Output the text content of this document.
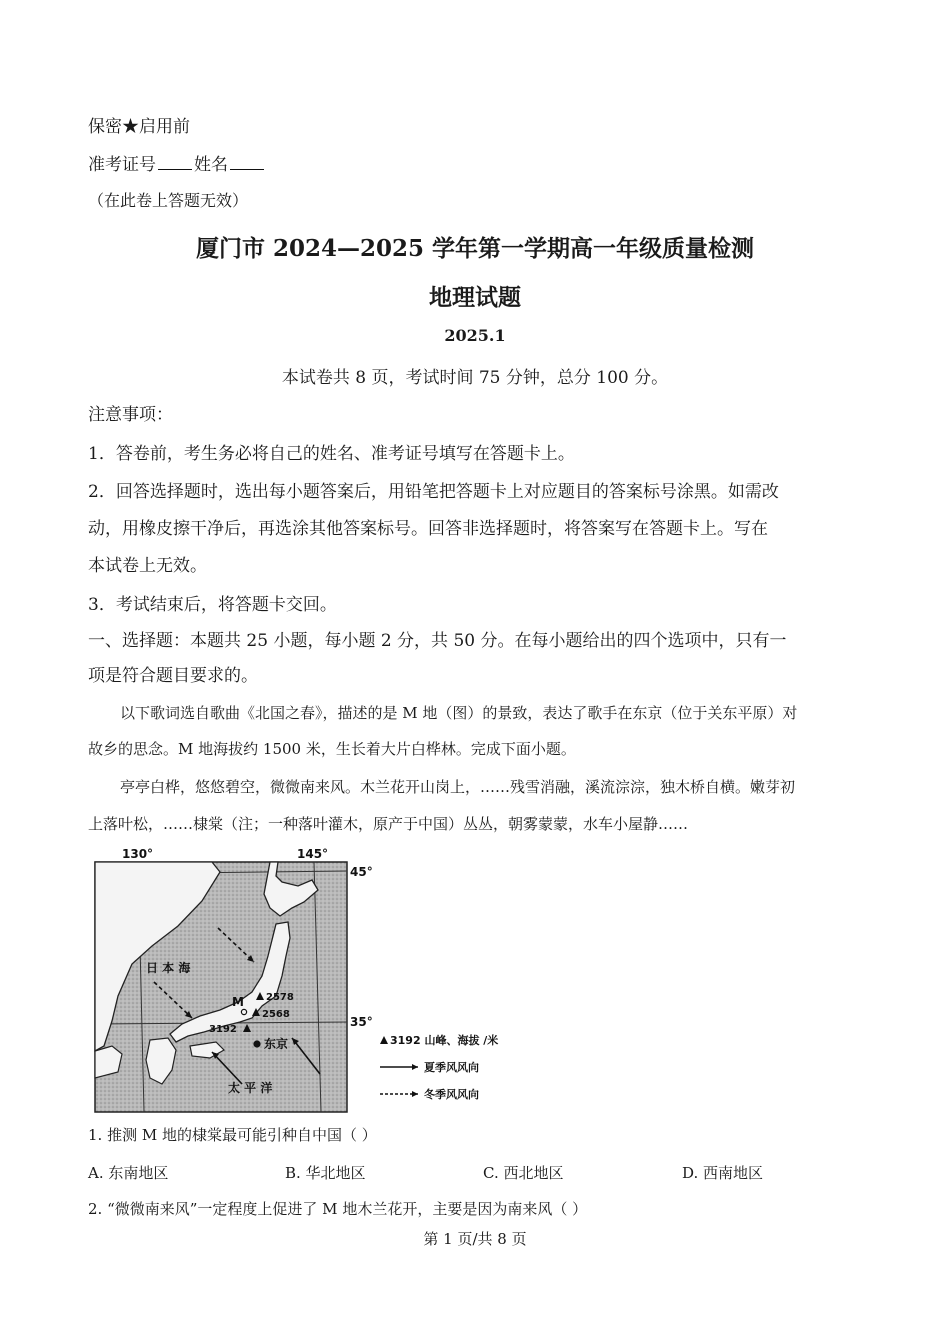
保密★启用前
准考证号 姓名
（在此卷上答题无效）
厦门市 2024—2025 学年第一学期高一年级质量检测
地理试题
2025.1
本试卷共 8 页，考试时间 75 分钟，总分 100 分。
注意事项：
1．答卷前，考生务必将自己的姓名、准考证号填写在答题卡上。
2．回答选择题时，选出每小题答案后，用铅笔把答题卡上对应题目的答案标号涂黑。如需改
动，用橡皮擦干净后，再选涂其他答案标号。回答非选择题时，将答案写在答题卡上。写在
本试卷上无效。
3．考试结束后，将答题卡交回。
一、选择题：本题共 25 小题，每小题 2 分，共 50 分。在每小题给出的四个选项中，只有一
项是符合题目要求的。
以下歌词选自歌曲《北国之春》，描述的是 M 地（图）的景致，表达了歌手在东京（位于关东平原）对
故乡的思念。M 地海拔约 1500 米，生长着大片白桦林。完成下面小题。
亭亭白桦，悠悠碧空，微微南来风。木兰花开山岗上，……残雪消融，溪流淙淙，独木桥自横。嫩芽初
上落叶松，……棣棠（注；一种落叶灌木，原产于中国）丛丛，朝雾蒙蒙，水车小屋静……
130°	145°
45°
35°
日 本 海
太 平 洋
M
东京
2578
2568
3192
3192 山峰、海拔 /米
夏季风风向
冬季风风向
1. 推测 M 地的棣棠最可能引种自中国（ ）
A. 东南地区	B. 华北地区	C. 西北地区	D. 西南地区
2. “微微南来风”一定程度上促进了 M 地木兰花开，主要是因为南来风（ ）
第 1 页/共 8 页
